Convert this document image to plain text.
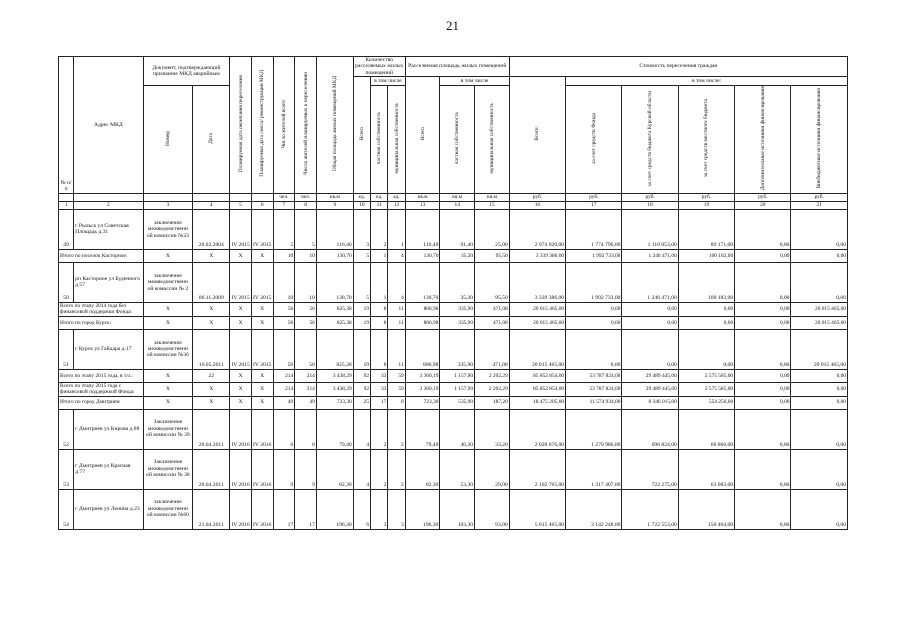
21
№ п/п	Адрес МКД	Документ, подтверждающий признание МКД аварийным		Планируемая дата окончания переселения	Планируемая дата сноса/ реконструкции МКД	Число жителей всего	Число жителей планируемых к переселению	Общая площадь жилых помещений МКД	Количество расселяемых жилых помещений			Расселяемая площадь жилых помещений			Стоимость переселения граждан					
									Всего	в том числе		Всего	в том числе		Всего:	в том числе:				
		Номер	Дата							частная собственность	муниципальная собственность		частная собственность	муниципальная собственность		за счет средств Фонда	за счет средств бюджета Курской области	за счет средств местного бюджета	Дополнительные источники финансирования	Внебюджетные источники финансирования
						чел.	чел.	кв.м	ед.	ед.	ед.	кв.м	кв.м	кв.м	руб.	руб.	руб.	руб.	руб.	руб.
1	2	3	4	5	6	7	8	9	10	11	12	13	14	15	16	17	18	19	20	21
49	г Рыльск ул Советская Площадь д.31	заключение межведомственн ой комиссии №23	26.02.2004	IV 2015	IV 2015	5	5	116,40	3	2	1	116,40	91,40	25,00	2 974 020,00	1 774 796,00	1 110 053,00	89 171,00	0,00	0,00
Итого по поселок Касторное:		X	X	X	X	10	10	130,70	5	1	4	130,70	35,20	95,50	3 339 386,00	1 992 733,00	1 246 471,00	100 182,00	0,00	0,00
50	рп Касторное ул Буденного д.57	заключение межведомственн ой комиссии № 2	06.11.2009	IV 2015	IV 2015	10	10	130,70	5	1	4	130,70	35,20	95,50	3 339 386,00	1 992 733,00	1 246 471,00	100 182,00	0,00	0,00
Всего по этапу 2014 года без финансовой поддержки Фонда:		X	X	X	X	56	56	825,38	19	8	11	806,98	335,90	471,08	20 015 465,00	0,00	0,00	0,00	0,00	20 015 465,00
Итого по город Курск:		X	X	X	X	56	56	825,38	19	8	11	806,98	335,90	471,08	20 015 465,00	0,00	0,00	0,00	0,00	20 015 465,00
51	г Курск ул Гайдара д.17	заключение межведомственн ой комиссии №36	16.05.2011	IV 2015	IV 2015	56	56	825,38	19	8	11	806,98	335,90	471,08	20 015 465,00	0,00	0,00	0,00	0,00	20 015 465,00
Всего по этапу 2015 года, в т.ч.:		X	22	X	X	214	214	3 438,29	92	33	59	3 360,19	1 157,90	2 202,29	85 852 854,00	53 787 824,00	29 489 445,00	2 575 585,00	0,00	0,00
Всего по этапу 2015 года с финансовой поддержкой Фонда:		X	X	X	X	214	214	3 438,29	92	33	59	3 360,19	1 157,90	2 202,29	85 852 854,00	53 787 824,00	29 489 445,00	2 575 585,00	0,00	0,00
Итого по город Дмитриев:		X	X	X	X	49	49	723,30	25	17	8	723,30	535,90	187,20	18 475 205,00	11 574 934,00	6 346 015,00	554 256,00	0,00	0,00
52	г Дмитриев ул Кирова д.88	Заключение межведомственн ой комиссии № 39	20.04.2011	IV 2016	IV 2016	6	6	79,40	4	2	2	79,40	46,20	33,20	2 028 676,00	1 270 986,00	696 824,00	60 866,00	0,00	0,00
53	г Дмитриев ул Красная д.77	Заключение межведомственн ой комиссии № 38	20.04.2011	IV 2016	IV 2016	9	9	82,30	4	2	2	82,30	53,30	29,00	2 102 765,00	1 317 407,00	722 275,00	63 083,00	0,00	0,00
54	г Дмитриев ул Ленина д.23	заключение межведомственн ой комиссии №60	21.04.2011	IV 2016	IV 2016	17	17	196,30	6	3	3	196,30	103,30	93,00	5 015 465,00	3 142 248,00	1 722 553,00	150 464,00	0,00	0,00
